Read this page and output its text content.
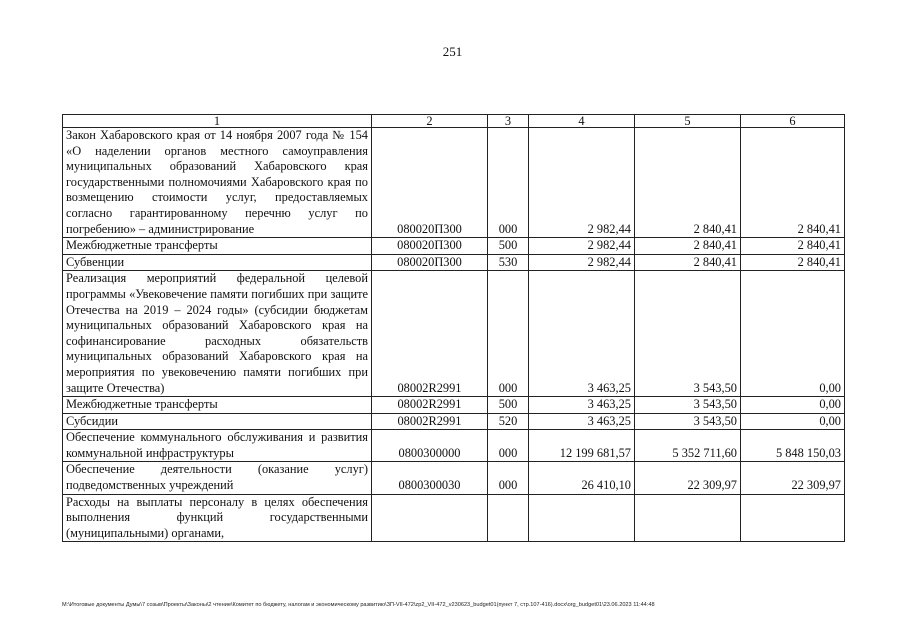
251
1	2	3	4	5	6
Закон Хабаровского края от 14 ноября 2007 года № 154 «О наделении органов местного самоуправления муниципальных образований Хабаровского края государственными полномочиями Хабаровского края по возмещению стоимости услуг, предоставляемых согласно гарантированному перечню услуг по погребению» – администрирование	080020П300	000	2 982,44	2 840,41	2 840,41
Межбюджетные трансферты	080020П300	500	2 982,44	2 840,41	2 840,41
Субвенции	080020П300	530	2 982,44	2 840,41	2 840,41
Реализация мероприятий федеральной целевой программы «Увековечение памяти погибших при защите Отечества на 2019 – 2024 годы» (субсидии бюджетам муниципальных образований Хабаровского края на софинансирование расходных обязательств муниципальных образований Хабаровского края на мероприятия по увековечению памяти погибших при защите Отечества)	08002R2991	000	3 463,25	3 543,50	0,00
Межбюджетные трансферты	08002R2991	500	3 463,25	3 543,50	0,00
Субсидии	08002R2991	520	3 463,25	3 543,50	0,00
Обеспечение коммунального обслуживания и развития коммунальной инфраструктуры	0800300000	000	12 199 681,57	5 352 711,60	5 848 150,03
Обеспечение деятельности (оказание услуг) подведомственных учреждений	0800300030	000	26 410,10	22 309,97	22 309,97
Расходы на выплаты персоналу в целях обеспечения выполнения функций государственными (муниципальными) органами,					
М:\Итоговые документы Думы\7 созыв\Проекты\Законы\2 чтение\Комитет по бюджету, налогам и экономическому развитию\ЗП-VII-472\zp2_VII-472_v230623_budget01(пункт 7, стр.107-416).docx\org_budget01\23.06.2023 11:44:48
